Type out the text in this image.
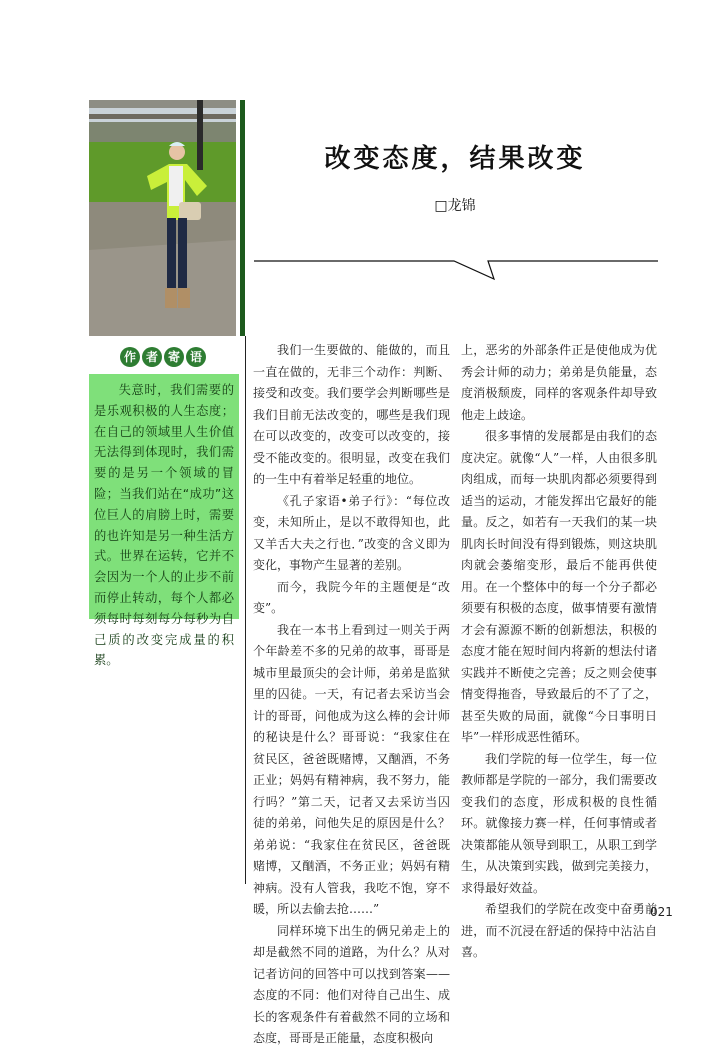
作 者 寄 语
失意时，我们需要的是乐观积极的人生态度；在自己的领域里人生价值无法得到体现时，我们需要的是另一个领域的冒险；当我们站在“成功”这位巨人的肩膀上时，需要的也许知是另一种生活方式。世界在运转，它并不会因为一个人的止步不前而停止转动，每个人都必须每时每刻每分每秒为自己质的改变完成量的积累。
改变态度，结果改变
□龙锦

我们一生要做的、能做的，而且一直在做的，无非三个动作：判断、接受和改变。我们要学会判断哪些是我们目前无法改变的，哪些是我们现在可以改变的，改变可以改变的，接受不能改变的。很明显，改变在我们的一生中有着举足轻重的地位。

《孔子家语•弟子行》：“每位改变，未知所止，是以不敢得知也，此又羊舌大夫之行也．”改变的含义即为变化，事物产生显著的差别。

而今，我院今年的主题便是“改变”。

我在一本书上看到过一则关于两个年龄差不多的兄弟的故事，哥哥是城市里最顶尖的会计师，弟弟是监狱里的囚徒。一天，有记者去采访当会计的哥哥，问他成为这么棒的会计师的秘诀是什么？哥哥说：“我家住在贫民区，爸爸既赌博，又酗酒，不务正业；妈妈有精神病，我不努力，能行吗？”第二天，记者又去采访当囚徒的弟弟，问他失足的原因是什么？弟弟说：“我家住在贫民区，爸爸既赌博，又酗酒，不务正业；妈妈有精神病。没有人管我，我吃不饱，穿不暖，所以去偷去抢……”

同样环境下出生的俩兄弟走上的却是截然不同的道路，为什么？从对记者访问的回答中可以找到答案——态度的不同：他们对待自己出生、成长的客观条件有着截然不同的立场和态度，哥哥是正能量，态度积极向

上，恶劣的外部条件正是使他成为优秀会计师的动力；弟弟是负能量，态度消极颓废，同样的客观条件却导致他走上歧途。

很多事情的发展都是由我们的态度决定。就像“人”一样，人由很多肌肉组成，而每一块肌肉都必须要得到适当的运动，才能发挥出它最好的能量。反之，如若有一天我们的某一块肌肉长时间没有得到锻炼，则这块肌肉就会萎缩变形，最后不能再供使用。在一个整体中的每一个分子都必须要有积极的态度，做事情要有激情才会有源源不断的创新想法，积极的态度才能在短时间内将新的想法付诸实践并不断使之完善；反之则会使事情变得拖沓，导致最后的不了了之，甚至失败的局面，就像“今日事明日毕”一样形成恶性循环。

我们学院的每一位学生，每一位教师都是学院的一部分，我们需要改变我们的态度，形成积极的良性循环。就像接力赛一样，任何事情或者决策都能从领导到职工，从职工到学生，从决策到实践，做到完美接力，求得最好效益。

希望我们的学院在改变中奋勇前进，而不沉浸在舒适的保持中沾沾自喜。

021
